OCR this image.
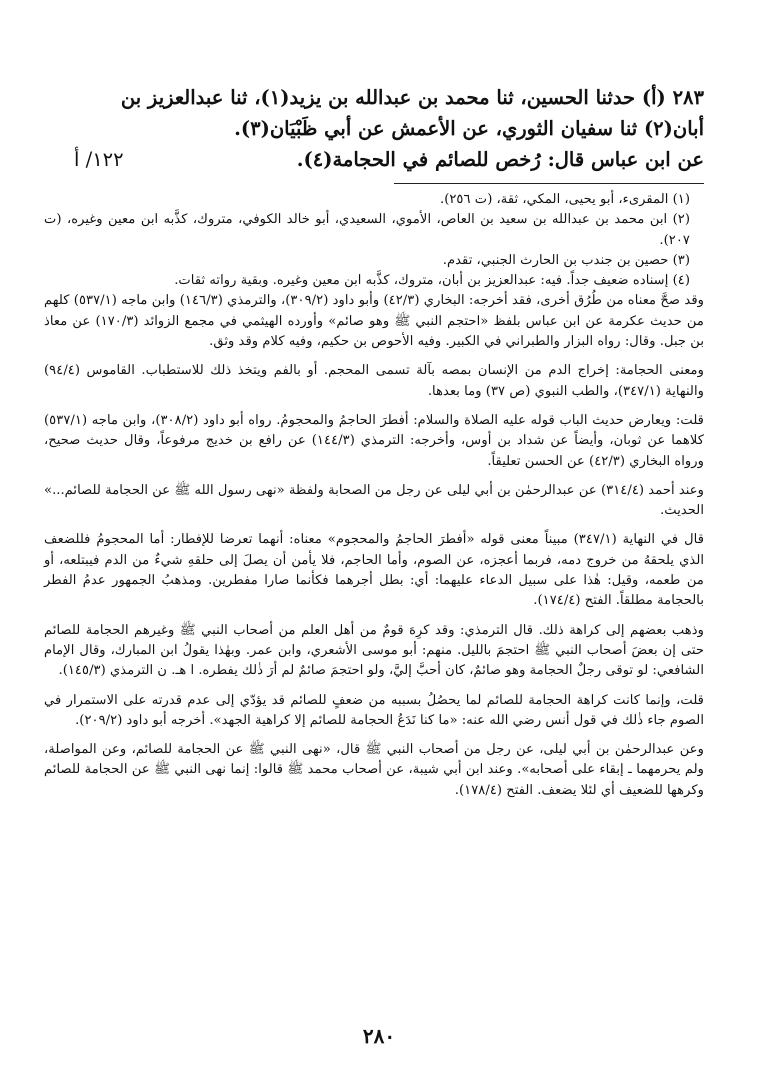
٢٨٣ (أ) حدثنا الحسين، ثنا محمد بن عبدالله بن يزيد(١)، ثنا عبدالعزيز بن
أبان(٢) ثنا سفيان الثوري، عن الأعمش عن أبي ظَبْيَان(٣).
عن ابن عباس قال: رُخص للصائم في الحجامة(٤).
١٢٢/ أ

(١) المقرىء، أبو يحيى، المكي، ثقة، (ت ٢٥٦).

(٢) ابن محمد بن عبدالله بن سعيد بن العاص، الأموي، السعيدي، أبو خالد الكوفي، متروك، كذَّبه ابن معين وغيره، (ت ٢٠٧).

(٣) حصين بن جندب بن الحارث الجنبي، تقدم.

(٤) إسناده ضعيف جداً. فيه: عبدالعزيز بن أبان، متروك، كذَّبه ابن معين وغيره. وبقية رواته ثقات.

وقد صحَّ معناه من طُرُق أخرى، فقد أخرجه: البخاري (٤٢/٣) وأبو داود (٣٠٩/٢)، والترمذي (١٤٦/٣) وابن ماجه (٥٣٧/١) كلهم من حديث عكرمة عن ابن عباس بلفظ «احتجم النبي ﷺ وهو صائم» وأورده الهيثمي في مجمع الزوائد (١٧٠/٣) عن معاذ بن جبل. وقال: رواه البزار والطبراني في الكبير. وفيه الأحوص بن حكيم، وفيه كلام وقد وثق.

ومعنى الحجامة: إخراج الدم من الإنسان بمصه بآلة تسمى المحجم. أو بالفم ويتخذ ذلك للاستطباب. القاموس (٩٤/٤) والنهاية (٣٤٧/١)، والطب النبوي (ص ٣٧) وما بعدها.

قلت: ويعارض حديث الباب قوله عليه الصلاة والسلام: أفطرَ الحاجمُ والمحجومُ. رواه أبو داود (٣٠٨/٢)، وابن ماجه (٥٣٧/١) كلاهما عن ثوبان، وأيضاً عن شداد بن أوس، وأخرجه: الترمذي (١٤٤/٣) عن رافع بن خديج مرفوعاً، وقال حديث صحيح، ورواه البخاري (٤٢/٣) عن الحسن تعليقاً.

وعند أحمد (٣١٤/٤) عن عبدالرحمٰن بن أبي ليلى عن رجل من الصحابة ولفظة «نهى رسول الله ﷺ عن الحجامة للصائم...» الحديث.

قال في النهاية (٣٤٧/١) مبيناً معنى قوله «أفطرَ الحاجمُ والمحجوم» معناه: أنهما تعرضا للإفطار: أما المحجومُ فللضعف الذي يلحقهُ من خروج دمه، فربما أعجزه، عن الصوم، وأما الحاجم، فلا يأمن أن يصلَ إلى حلقهِ شيءٌ من الدم فيبتلعه، أو من طعمه، وقيل: هٰذا على سبيل الدعاء عليهما: أي: بطل أجرهما فكأنما صارا مفطرين. ومذهبُ الجمهور عدمُ الفطر بالحجامة مطلقاً. الفتح (١٧٤/٤).

وذهب بعضهم إلى كراهة ذلك. قال الترمذي: وقد كرِهَ قومٌ من أهل العلم من أصحاب النبي ﷺ وغيرهم الحجامة للصائم حتى إن بعضَ أصحاب النبي ﷺ احتجمَ بالليل. منهم: أبو موسى الأشعري، وابن عمر. وبهٰذا يقولُ ابن المبارك، وقال الإمام الشافعي: لو توقى رجلٌ الحجامة وهو صائمٌ، كان أحبَّ إليَّ، ولو احتجمَ صائمٌ لم أرَ ذٰلك يفطره. ا هـ. ن الترمذي (١٤٥/٣).

قلت، وإنما كانت كراهة الحجامة للصائم لما يحصُلُ بسببه من ضعفٍ للصائم قد يؤدّي إلى عدم قدرته على الاستمرار في الصوم جاء ذٰلك في قول أنس رضي الله عنه: «ما كنا نَدَعُ الحجامة للصائم إلا كراهية الجهد». أخرجه أبو داود (٢٠٩/٢).

وعن عبدالرحمٰن بن أبي ليلى، عن رجل من أصحاب النبي ﷺ قال، «نهى النبي ﷺ عن الحجامة للصائم، وعن المواصلة، ولم يحرمهما ـ إبقاء على أصحابه». وعند ابن أبي شيبة، عن أصحاب محمد ﷺ قالوا: إنما نهى النبي ﷺ عن الحجامة للصائم وكرهها للضعيف أي لئلا يضعف. الفتح (١٧٨/٤).

٢٨٠
